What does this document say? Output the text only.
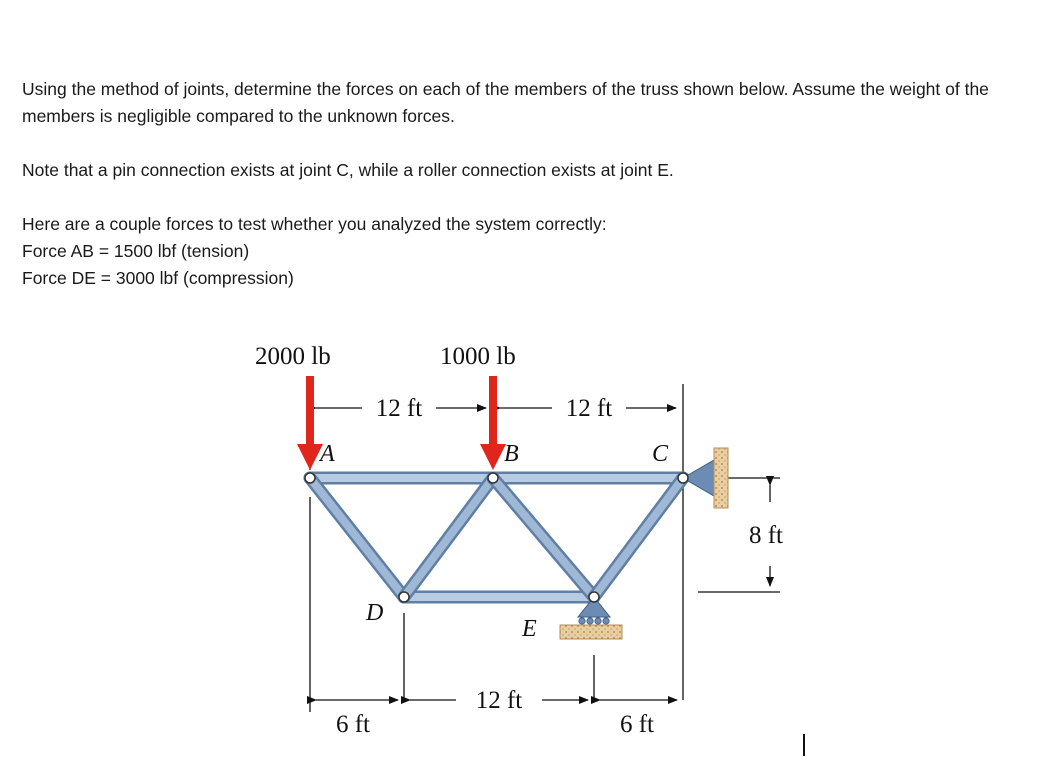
Using the method of joints, determine the forces on each of the members of the truss shown below. Assume the weight of the members is negligible compared to the unknown forces.

Note that a pin connection exists at joint C, while a roller connection exists at joint E.

Here are a couple forces to test whether you analyzed the system correctly:

Force AB = 1500 lbf (tension)

Force DE = 3000 lbf (compression)

2000 lb	1000 lb
12 ft	12 ft
8 ft
6 ft
12 ft
6 ft
A	B	C
D
E
